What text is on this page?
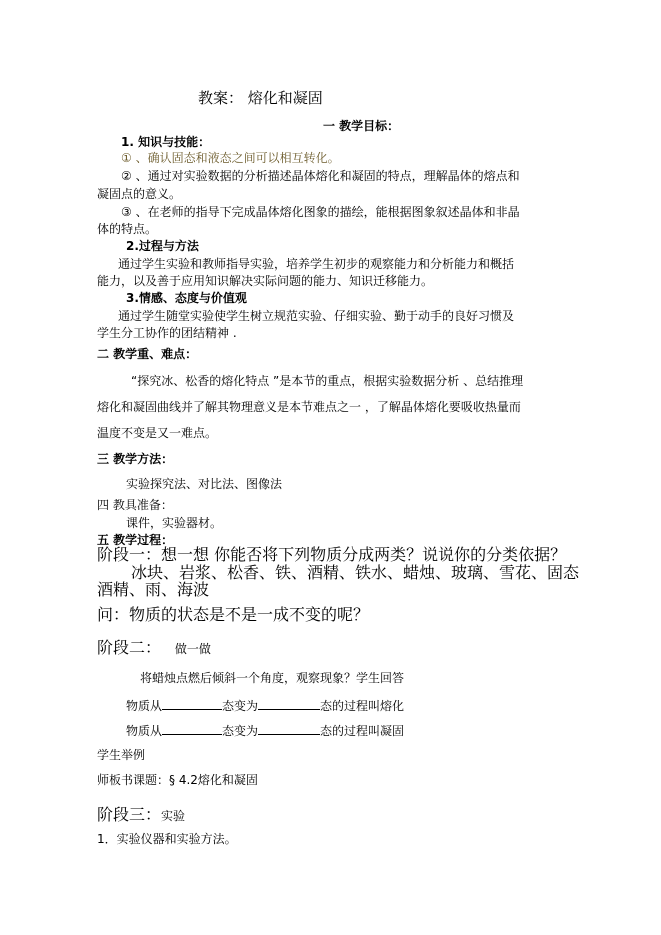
教案： 熔化和凝固
一 教学目标：
1. 知识与技能：
① 、确认固态和液态之间可以相互转化。
② 、通过对实验数据的分析描述晶体熔化和凝固的特点，理解晶体的熔点和
凝固点的意义。
③ 、在老师的指导下完成晶体熔化图象的描绘，能根据图象叙述晶体和非晶
体的特点。
2.过程与方法
通过学生实验和教师指导实验，培养学生初步的观察能力和分析能力和概括
能力，以及善于应用知识解决实际问题的能力、知识迁移能力。
3.情感、态度与价值观
通过学生随堂实验使学生树立规范实验、仔细实验、勤于动手的良好习惯及
学生分工协作的团结精神 .
二 教学重、难点：
“探究冰、松香的熔化特点 ”是本节的重点，根据实验数据分析 、总结推理
熔化和凝固曲线并了解其物理意义是本节难点之一 ，了解晶体熔化要吸收热量而
温度不变是又一难点。
三 教学方法：
实验探究法、对比法、图像法
四 教具准备：
课件，实验器材。
五 教学过程：
阶段一：想一想 你能否将下列物质分成两类？说说你的分类依据？
冰块、岩浆、松香、铁、酒精、铁水、蜡烛、玻璃、雪花、固态
酒精、雨、海波
问：物质的状态是不是一成不变的呢？
阶段二： 做一做
将蜡烛点燃后倾斜一个角度，观察现象？学生回答
物质从	态变为	态的过程叫熔化
物质从	态变为	态的过程叫凝固
学生举例
师板书课题：§ 4.2熔化和凝固
阶段三：实验
1．实验仪器和实验方法。
